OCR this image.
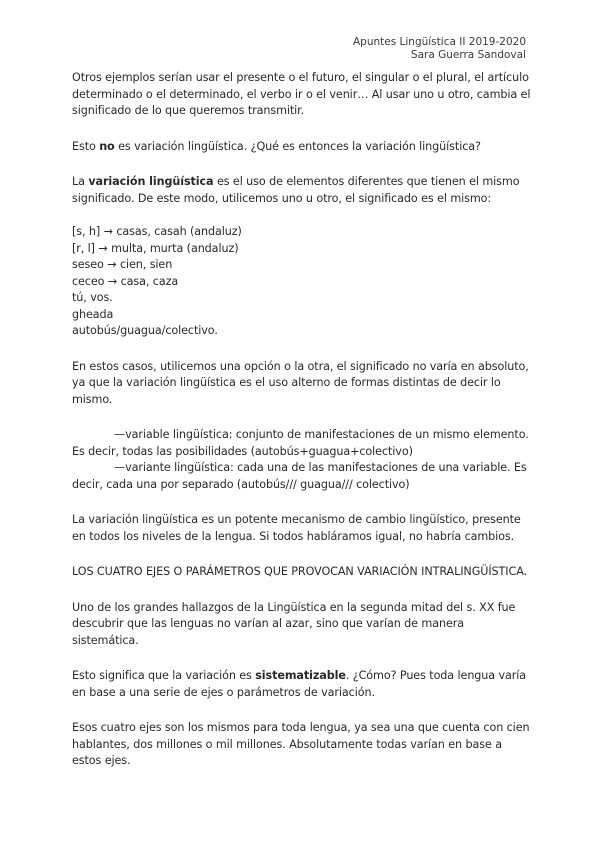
Apuntes Lingüística II 2019-2020
Sara Guerra Sandoval

Otros ejemplos serían usar el presente o el futuro, el singular o el plural, el artículo determinado o el determinado, el verbo ir o el venir… Al usar uno u otro, cambia el significado de lo que queremos transmitir.

Esto no es variación lingüística. ¿Qué es entonces la variación lingüística?

La variación lingüística es el uso de elementos diferentes que tienen el mismo significado. De este modo, utilicemos uno u otro, el significado es el mismo:

[s, h] → casas, casah (andaluz)
[r, l] → multa, murta (andaluz)
seseo → cien, sien
ceceo → casa, caza
tú, vos.
gheada
autobús/guagua/colectivo.

En estos casos, utilicemos una opción o la otra, el significado no varía en absoluto, ya que la variación lingüística es el uso alterno de formas distintas de decir lo mismo.

—variable lingüística: conjunto de manifestaciones de un mismo elemento. Es decir, todas las posibilidades (autobús+guagua+colectivo)

—variante lingüística: cada una de las manifestaciones de una variable. Es decir, cada una por separado (autobús/// guagua/// colectivo)

La variación lingüística es un potente mecanismo de cambio lingüístico, presente en todos los niveles de la lengua. Si todos habláramos igual, no habría cambios.

LOS CUATRO EJES O PARÁMETROS QUE PROVOCAN VARIACIÓN INTRALINGÜÍSTICA.

Uno de los grandes hallazgos de la Lingüística en la segunda mitad del s. XX fue descubrir que las lenguas no varían al azar, sino que varían de manera sistemática.

Esto significa que la variación es sistematizable. ¿Cómo? Pues toda lengua varía en base a una serie de ejes o parámetros de variación.

Esos cuatro ejes son los mismos para toda lengua, ya sea una que cuenta con cien hablantes, dos millones o mil millones. Absolutamente todas varían en base a estos ejes.
